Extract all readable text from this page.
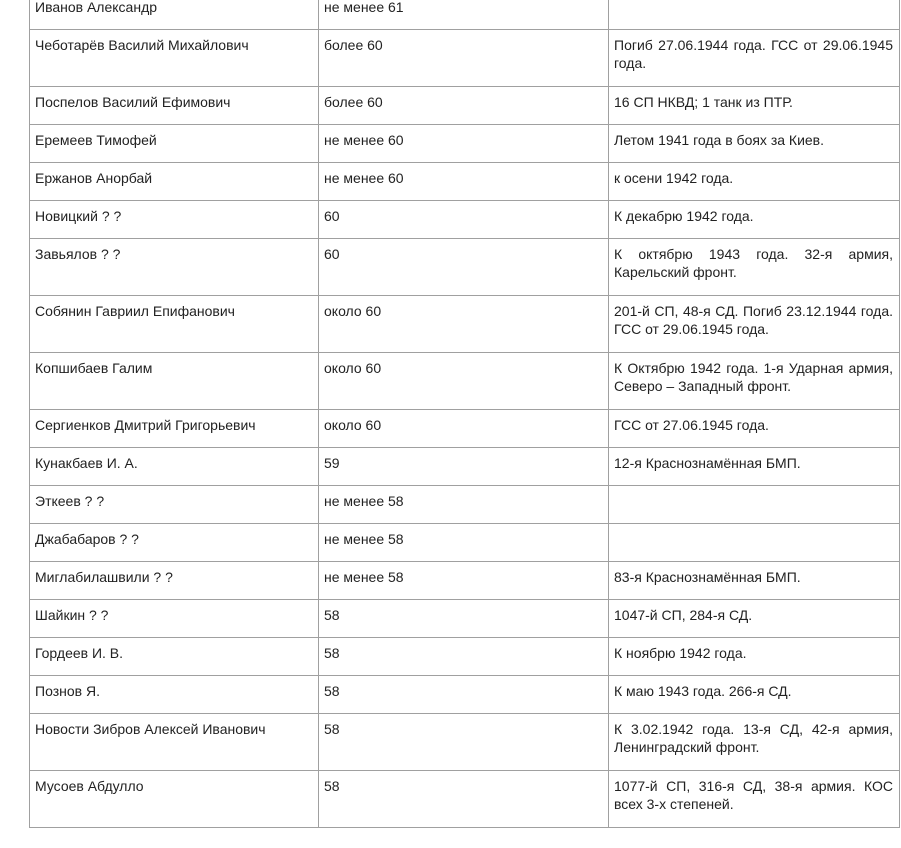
Иванов Александр	не менее 61	
Чеботарёв Василий Михайлович	более 60	Погиб 27.06.1944 года. ГСС от 29.06.1945 года.
Поспелов Василий Ефимович	более 60	16 СП НКВД; 1 танк из ПТР.
Еремеев Тимофей	не менее 60	Летом 1941 года в боях за Киев.
Ержанов Анорбай	не менее 60	к осени 1942 года.
Новицкий ? ?	60	К декабрю 1942 года.
Завьялов ? ?	60	К октябрю 1943 года. 32-я армия, Карельский фронт.
Собянин Гавриил Епифанович	около 60	201-й СП, 48-я СД. Погиб 23.12.1944 года. ГСС от 29.06.1945 года.
Копшибаев Галим	около 60	К Октябрю 1942 года. 1-я Ударная армия, Северо – Западный фронт.
Сергиенков Дмитрий Григорьевич	около 60	ГСС от 27.06.1945 года.
Кунакбаев И. А.	59	12-я Краснознамённая БМП.
Эткеев ? ?	не менее 58	
Джабабаров ? ?	не менее 58	
Миглабилашвили ? ?	не менее 58	83-я Краснознамённая БМП.
Шайкин ? ?	58	1047-й СП, 284-я СД.
Гордеев И. В.	58	К ноябрю 1942 года.
Познов Я.	58	К маю 1943 года. 266-я СД.
Новости Зибров Алексей Иванович	58	К 3.02.1942 года. 13-я СД, 42-я армия, Ленинградский фронт.
Мусоев Абдулло	58	1077-й СП, 316-я СД, 38-я армия. КОС всех 3-х степеней.
